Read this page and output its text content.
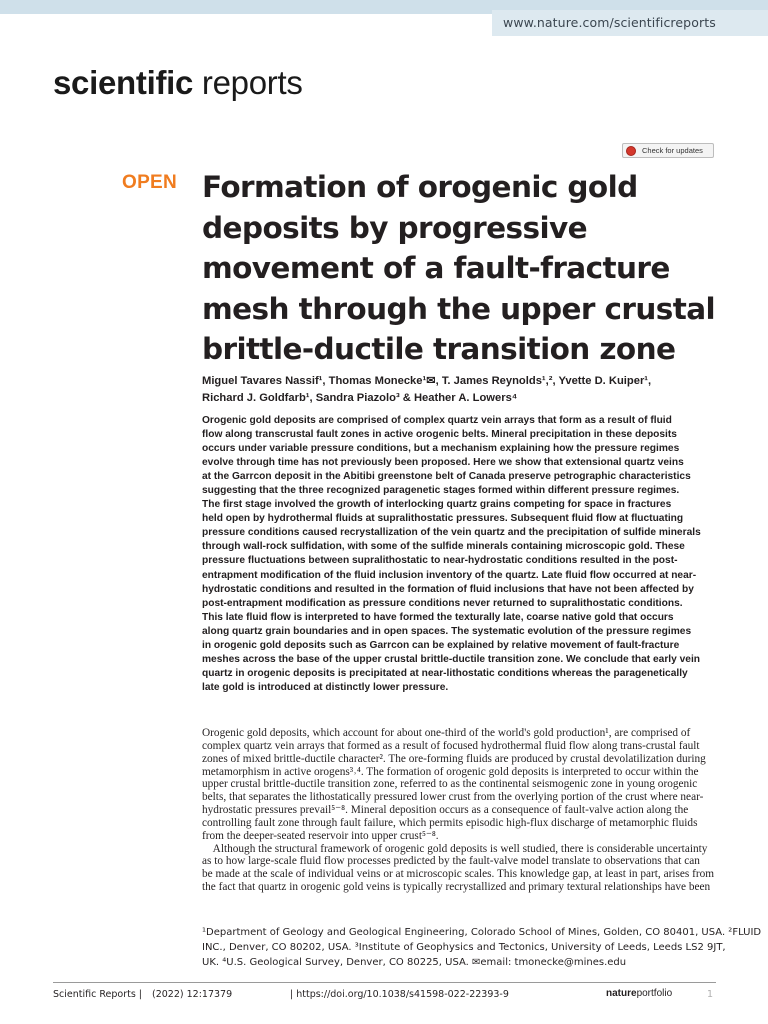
www.nature.com/scientificreports
scientific reports
Check for updates
OPEN Formation of orogenic gold
deposits by progressive
movement of a fault-fracture
mesh through the upper crustal
brittle-ductile transition zone
Miguel Tavares Nassif¹, Thomas Monecke¹✉, T. James Reynolds¹,², Yvette D. Kuiper¹,
Richard J. Goldfarb¹, Sandra Piazolo³ & Heather A. Lowers⁴
Orogenic gold deposits are comprised of complex quartz vein arrays that form as a result of fluid
flow along transcrustal fault zones in active orogenic belts. Mineral precipitation in these deposits
occurs under variable pressure conditions, but a mechanism explaining how the pressure regimes
evolve through time has not previously been proposed. Here we show that extensional quartz veins
at the Garrcon deposit in the Abitibi greenstone belt of Canada preserve petrographic characteristics
suggesting that the three recognized paragenetic stages formed within different pressure regimes.
The first stage involved the growth of interlocking quartz grains competing for space in fractures
held open by hydrothermal fluids at supralithostatic pressures. Subsequent fluid flow at fluctuating
pressure conditions caused recrystallization of the vein quartz and the precipitation of sulfide minerals
through wall-rock sulfidation, with some of the sulfide minerals containing microscopic gold. These
pressure fluctuations between supralithostatic to near-hydrostatic conditions resulted in the post-
entrapment modification of the fluid inclusion inventory of the quartz. Late fluid flow occurred at near-
hydrostatic conditions and resulted in the formation of fluid inclusions that have not been affected by
post-entrapment modification as pressure conditions never returned to supralithostatic conditions.
This late fluid flow is interpreted to have formed the texturally late, coarse native gold that occurs
along quartz grain boundaries and in open spaces. The systematic evolution of the pressure regimes
in orogenic gold deposits such as Garrcon can be explained by relative movement of fault-fracture
meshes across the base of the upper crustal brittle-ductile transition zone. We conclude that early vein
quartz in orogenic deposits is precipitated at near-lithostatic conditions whereas the paragenetically
late gold is introduced at distinctly lower pressure.
Orogenic gold deposits, which account for about one-third of the world's gold production¹, are comprised of
complex quartz vein arrays that formed as a result of focused hydrothermal fluid flow along trans-crustal fault
zones of mixed brittle-ductile character². The ore-forming fluids are produced by crustal devolatilization during
metamorphism in active orogens³˒⁴. The formation of orogenic gold deposits is interpreted to occur within the
upper crustal brittle-ductile transition zone, referred to as the continental seismogenic zone in young orogenic
belts, that separates the lithostatically pressured lower crust from the overlying portion of the crust where near-
hydrostatic pressures prevail⁵⁻⁸. Mineral deposition occurs as a consequence of fault-valve action along the
controlling fault zone through fault failure, which permits episodic high-flux discharge of metamorphic fluids
from the deeper-seated reservoir into upper crust⁵⁻⁸.
Although the structural framework of orogenic gold deposits is well studied, there is considerable uncertainty
as to how large-scale fluid flow processes predicted by the fault-valve model translate to observations that can
be made at the scale of individual veins or at microscopic scales. This knowledge gap, at least in part, arises from
the fact that quartz in orogenic gold veins is typically recrystallized and primary textural relationships have been
¹Department of Geology and Geological Engineering, Colorado School of Mines, Golden, CO 80401, USA. ²FLUID
INC., Denver, CO 80202, USA. ³Institute of Geophysics and Tectonics, University of Leeds, Leeds LS2 9JT,
UK. ⁴U.S. Geological Survey, Denver, CO 80225, USA. ✉email: tmonecke@mines.edu
Scientific Reports | (2022) 12:17379	| https://doi.org/10.1038/s41598-022-22393-9	natureportfolio	1
